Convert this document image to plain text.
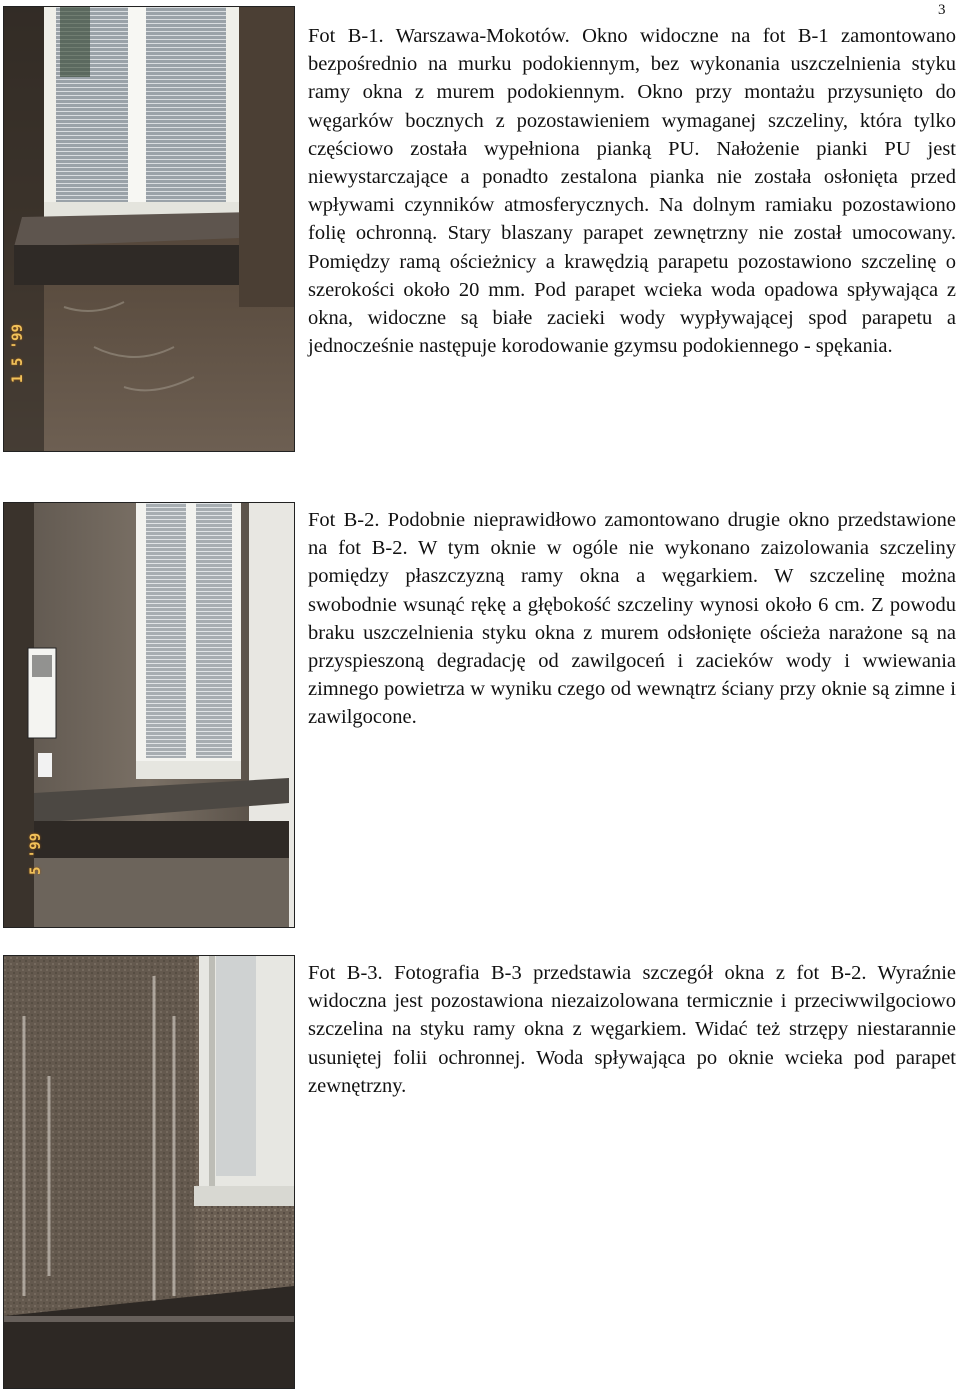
3
1 5 '99
Fot B-1. Warszawa-Mokotów. Okno widoczne na fot B-1 zamontowano bezpośrednio na murku podokiennym, bez wykonania uszczelnienia styku ramy okna z murem podokiennym. Okno przy montażu przysunięto do węgarków bocznych z pozostawieniem wymaganej szczeliny, która tylko częściowo została wypełniona pianką PU. Nałożenie pianki PU jest niewystarczające a ponadto zestalona pianka nie została osłonięta przed wpływami czynników atmosferycznych. Na dolnym ramiaku pozostawiono folię ochronną. Stary blaszany parapet zewnętrzny nie został umocowany. Pomiędzy ramą ościeżnicy a krawędzią parapetu pozostawiono szczelinę o szerokości około 20 mm. Pod parapet wcieka woda opadowa spływająca z okna, widoczne są białe zacieki wody wypływającej spod parapetu a jednocześnie następuje korodowanie gzymsu podokiennego - spękania.
5 '99
Fot B-2. Podobnie nieprawidłowo zamontowano drugie okno przedstawione na fot B-2. W tym oknie w ogóle nie wykonano zaizolowania szczeliny pomiędzy płaszczyzną ramy okna a węgarkiem. W szczelinę można swobodnie wsunąć rękę a głębokość szczeliny wynosi około 6 cm. Z powodu braku uszczelnienia styku okna z murem odsłonięte ościeża narażone są na przyspieszoną degradację od zawilgoceń i zacieków wody i wwiewania zimnego powietrza w wyniku czego od wewnątrz ściany przy oknie są zimne i zawilgocone.
Fot B-3. Fotografia B-3 przedstawia szczegół okna z fot B-2. Wyraźnie widoczna jest pozostawiona niezaizolowana termicznie i przeciwwilgociowo szczelina na styku ramy okna z węgarkiem. Widać też strzępy niestarannie usuniętej folii ochronnej. Woda spływająca po oknie wcieka pod parapet zewnętrzny.
